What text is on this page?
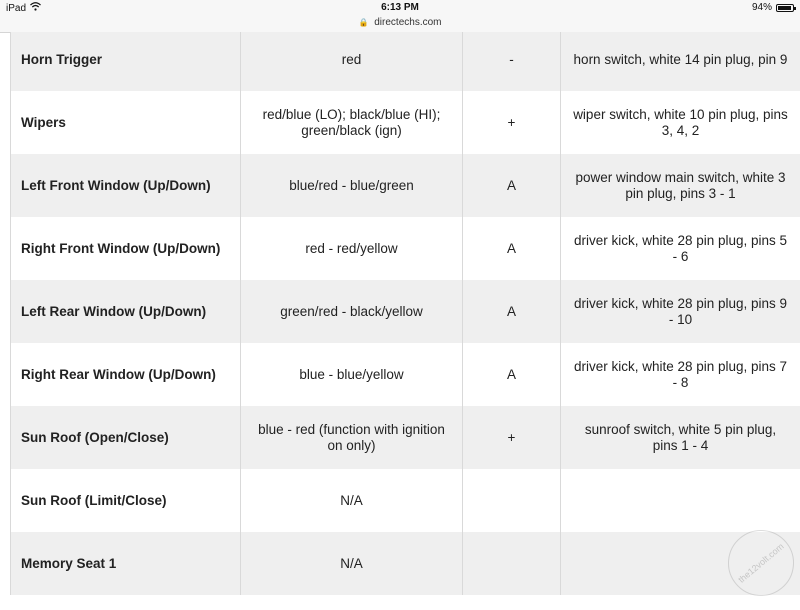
iPad	6:13 PM	94%
🔒 directechs.com
Horn Trigger	red	-	horn switch, white 14 pin plug, pin 9
Wipers	red/blue (LO); black/blue (HI); green/black (ign)	+	wiper switch, white 10 pin plug, pins 3, 4, 2
Left Front Window (Up/Down)	blue/red - blue/green	A	power window main switch, white 3 pin plug, pins 3 - 1
Right Front Window (Up/Down)	red - red/yellow	A	driver kick, white 28 pin plug, pins 5 - 6
Left Rear Window (Up/Down)	green/red - black/yellow	A	driver kick, white 28 pin plug, pins 9 - 10
Right Rear Window (Up/Down)	blue - blue/yellow	A	driver kick, white 28 pin plug, pins 7 - 8
Sun Roof (Open/Close)	blue - red (function with ignition on only)	+	sunroof switch, white 5 pin plug, pins 1 - 4
Sun Roof (Limit/Close)	N/A		
Memory Seat 1	N/A			the12volt.com
